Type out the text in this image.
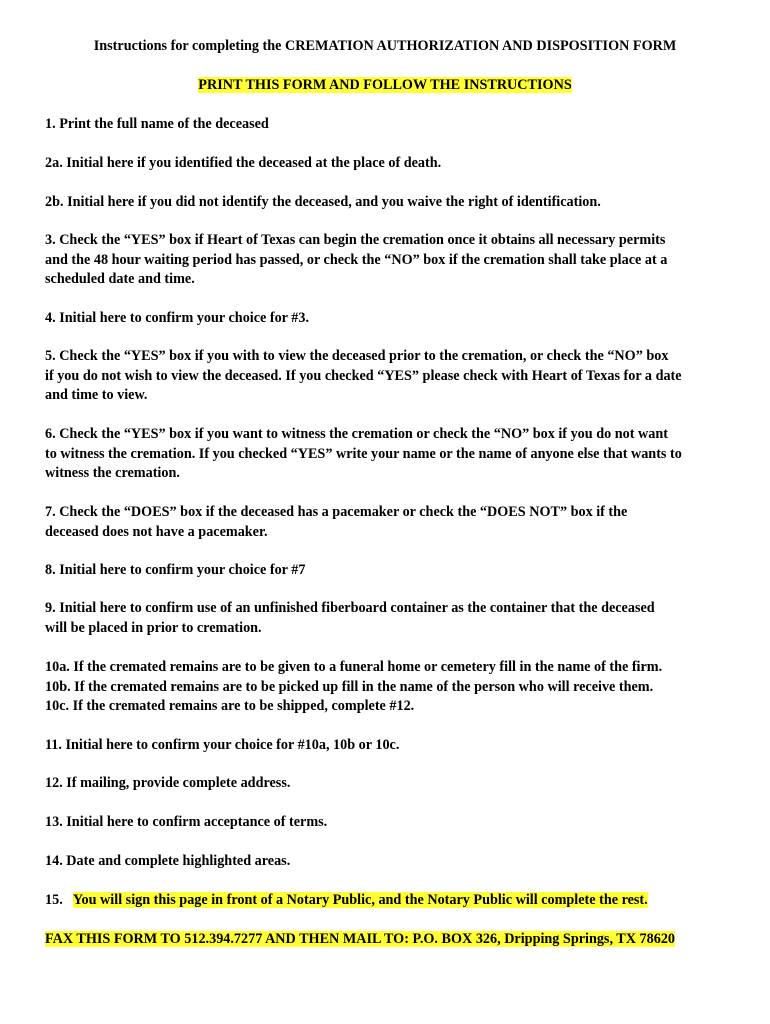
Instructions for completing the CREMATION AUTHORIZATION AND DISPOSITION FORM
PRINT THIS FORM AND FOLLOW THE INSTRUCTIONS
1. Print the full name of the deceased
2a. Initial here if you identified the deceased at the place of death.
2b. Initial here if you did not identify the deceased, and you waive the right of identification.
3. Check the “YES” box if Heart of Texas can begin the cremation once it obtains all necessary permits
and the 48 hour waiting period has passed, or check the “NO” box if the cremation shall take place at a
scheduled date and time.
4. Initial here to confirm your choice for #3.
5. Check the “YES” box if you with to view the deceased prior to the cremation, or check the “NO” box
if you do not wish to view the deceased. If you checked “YES” please check with Heart of Texas for a date
and time to view.
6. Check the “YES” box if you want to witness the cremation or check the “NO” box if you do not want
to witness the cremation. If you checked “YES” write your name or the name of anyone else that wants to
witness the cremation.
7. Check the “DOES” box if the deceased has a pacemaker or check the “DOES NOT” box if the
deceased does not have a pacemaker.
8. Initial here to confirm your choice for #7
9. Initial here to confirm use of an unfinished fiberboard container as the container that the deceased
will be placed in prior to cremation.
10a. If the cremated remains are to be given to a funeral home or cemetery fill in the name of the firm.
10b. If the cremated remains are to be picked up fill in the name of the person who will receive them.
10c. If the cremated remains are to be shipped, complete #12.
11. Initial here to confirm your choice for #10a, 10b or 10c.
12. If mailing, provide complete address.
13. Initial here to confirm acceptance of terms.
14. Date and complete highlighted areas.
15. You will sign this page in front of a Notary Public, and the Notary Public will complete the rest.
FAX THIS FORM TO 512.394.7277 AND THEN MAIL TO: P.O. BOX 326, Dripping Springs, TX 78620
